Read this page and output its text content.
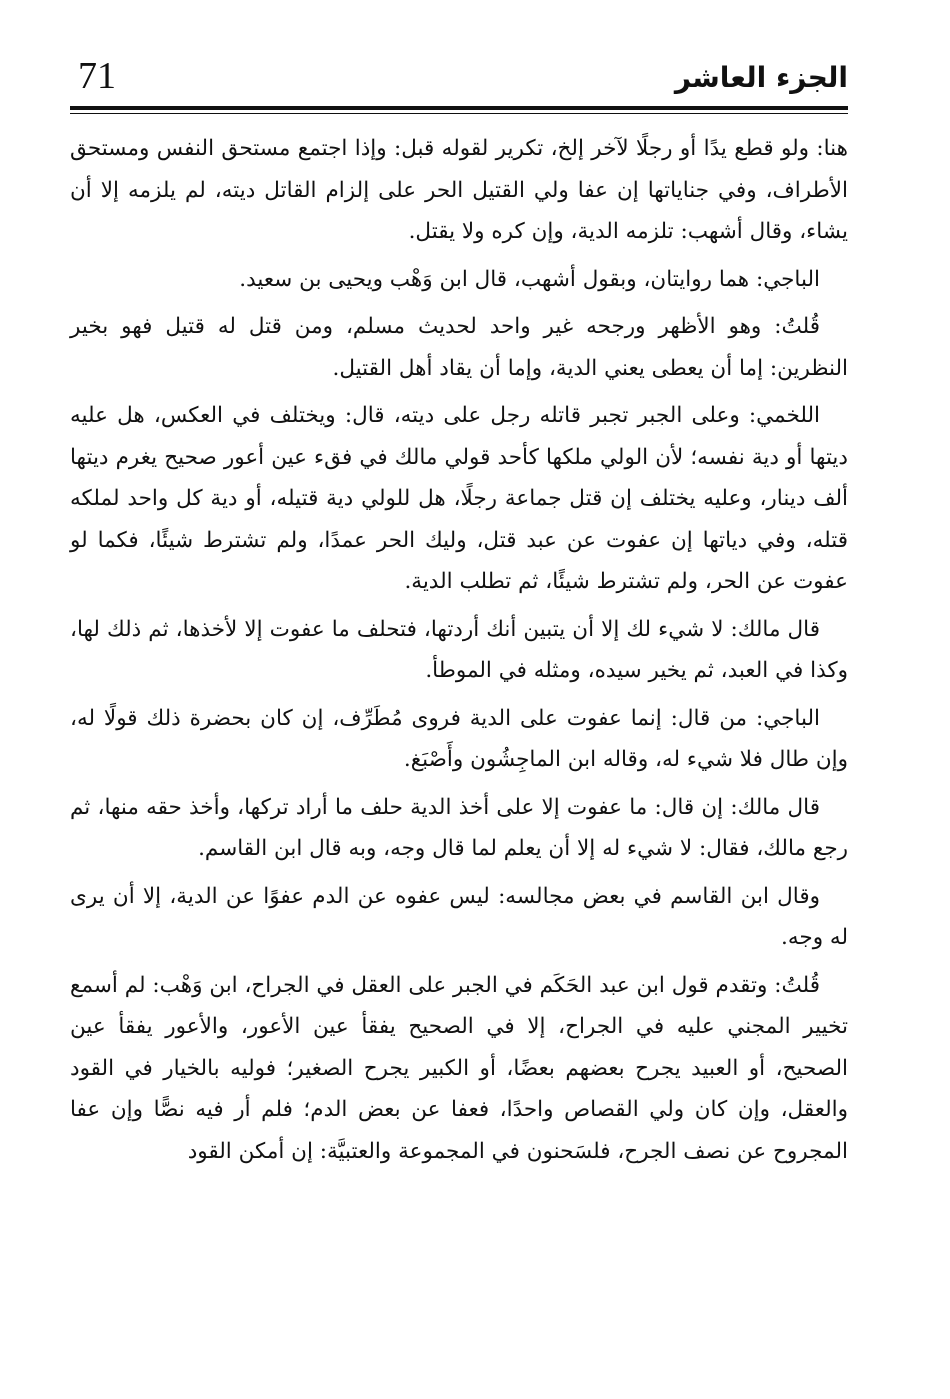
الجزء العاشر
71

هنا: ولو قطع يدًا أو رجلًا لآخر إلخ، تكرير لقوله قبل: وإذا اجتمع مستحق النفس ومستحق الأطراف، وفي جناياتها إن عفا ولي القتيل الحر على إلزام القاتل ديته، لم يلزمه إلا أن يشاء، وقال أشهب: تلزمه الدية، وإن كره ولا يقتل.

الباجي: هما روايتان، وبقول أشهب، قال ابن وَهْب ويحيى بن سعيد.

قُلتُ: وهو الأظهر ورجحه غير واحد لحديث مسلم، ومن قتل له قتيل فهو بخير النظرين: إما أن يعطى يعني الدية، وإما أن يقاد أهل القتيل.

اللخمي: وعلى الجبر تجبر قاتله رجل على ديته، قال: ويختلف في العكس، هل عليه ديتها أو دية نفسه؛ لأن الولي ملكها كأحد قولي مالك في فقء عين أعور صحيح يغرم ديتها ألف دينار، وعليه يختلف إن قتل جماعة رجلًا، هل للولي دية قتيله، أو دية كل واحد لملكه قتله، وفي دياتها إن عفوت عن عبد قتل، وليك الحر عمدًا، ولم تشترط شيئًا، فكما لو عفوت عن الحر، ولم تشترط شيئًا، ثم تطلب الدية.

قال مالك: لا شيء لك إلا أن يتبين أنك أردتها، فتحلف ما عفوت إلا لأخذها، ثم ذلك لها، وكذا في العبد، ثم يخير سيده، ومثله في الموطأ.

الباجي: من قال: إنما عفوت على الدية فروى مُطَرِّف، إن كان بحضرة ذلك قولًا له، وإن طال فلا شيء له، وقاله ابن الماجِشُون وأَصْبَغ.

قال مالك: إن قال: ما عفوت إلا على أخذ الدية حلف ما أراد تركها، وأخذ حقه منها، ثم رجع مالك، فقال: لا شيء له إلا أن يعلم لما قال وجه، وبه قال ابن القاسم.

وقال ابن القاسم في بعض مجالسه: ليس عفوه عن الدم عفوًا عن الدية، إلا أن يرى له وجه.

قُلتُ: وتقدم قول ابن عبد الحَكَم في الجبر على العقل في الجراح، ابن وَهْب: لم أسمع تخيير المجني عليه في الجراح، إلا في الصحيح يفقأ عين الأعور، والأعور يفقأ عين الصحيح، أو العبيد يجرح بعضهم بعضًا، أو الكبير يجرح الصغير؛ فوليه بالخيار في القود والعقل، وإن كان ولي القصاص واحدًا، فعفا عن بعض الدم؛ فلم أر فيه نصًّا وإن عفا المجروح عن نصف الجرح، فلسَحنون في المجموعة والعتبيَّة: إن أمكن القود
